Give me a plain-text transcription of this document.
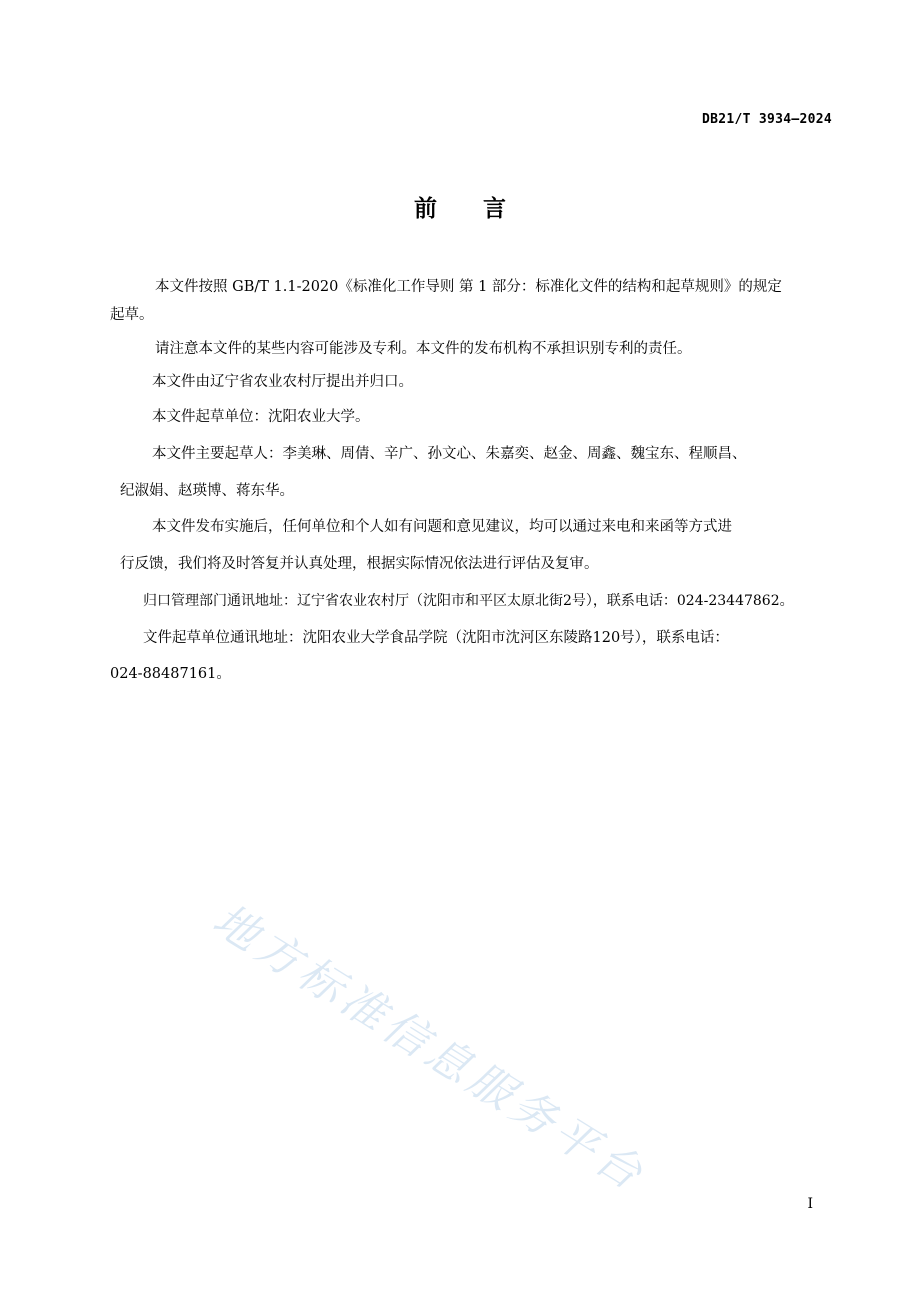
DB21/T 3934—2024
前言
本文件按照 GB/T 1.1-2020《标准化工作导则 第 1 部分：标准化文件的结构和起草规则》的规定
起草。
请注意本文件的某些内容可能涉及专利。本文件的发布机构不承担识别专利的责任。
本文件由辽宁省农业农村厅提出并归口。
本文件起草单位：沈阳农业大学。
本文件主要起草人：李美琳、周倩、辛广、孙文心、朱嘉奕、赵金、周鑫、魏宝东、程顺昌、
纪淑娟、赵瑛博、蒋东华。
本文件发布实施后，任何单位和个人如有问题和意见建议，均可以通过来电和来函等方式进
行反馈，我们将及时答复并认真处理，根据实际情况依法进行评估及复审。
归口管理部门通讯地址：辽宁省农业农村厅（沈阳市和平区太原北街2号），联系电话：024-23447862。
文件起草单位通讯地址：沈阳农业大学食品学院（沈阳市沈河区东陵路120号），联系电话：
024-88487161。
地方标准信息服务平台
I
